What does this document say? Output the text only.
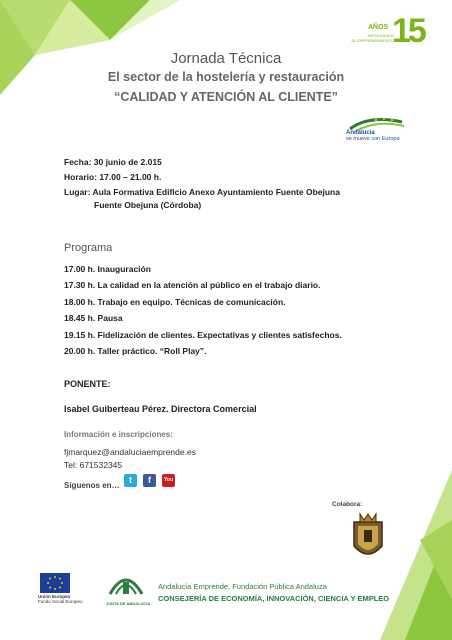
AÑOS
IMPULSANDO
EL EMPRENDIMIENTO
15
Jornada Técnica
El sector de la hostelería y restauración
“CALIDAD Y ATENCIÓN AL CLIENTE”
Andalucía
se mueve con Europa
Fecha: 30 junio de 2.015
Horario: 17.00 – 21.00 h.
Lugar: Aula Formativa Edificio Anexo Ayuntamiento Fuente Obejuna
Fuente Obejuna (Córdoba)
Programa
17.00 h. Inauguración
17.30 h. La calidad en la atención al público en el trabajo diario.
18.00 h. Trabajo en equipo. Técnicas de comunicación.
18.45 h. Pausa
19.15 h. Fidelización de clientes. Expectativas y clientes satisfechos.
20.00 h. Taller práctico. “Roll Play”.
PONENTE:
Isabel Guiberteau Pérez. Directora Comercial
Información e inscripciones:
fjmarquez@andaluciaemprende.es
Tel: 671532345
Síguenos en…
t	f	You
Colabora:
Unión Europea
Fondo Social Europeo	JUNTA DE ANDALUCIA
Andalucía Emprende, Fundación Pública Andaluza
CONSEJERÍA DE ECONOMÍA, INNOVACIÓN, CIENCIA Y EMPLEO
